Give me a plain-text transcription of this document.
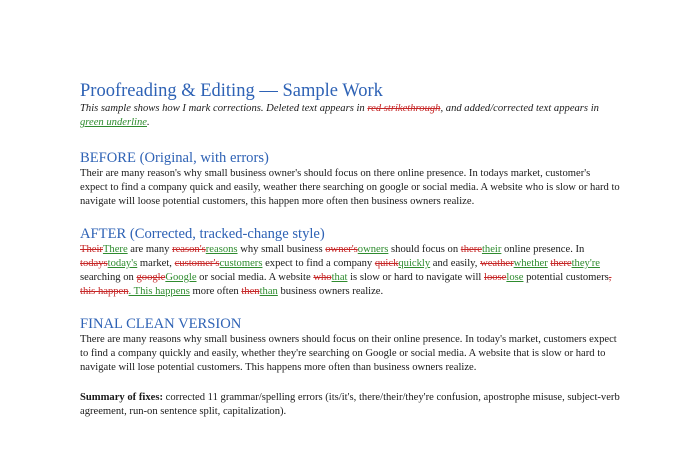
Proofreading & Editing — Sample Work

This sample shows how I mark corrections. Deleted text appears in red strikethrough, and added/corrected text appears in green underline.

BEFORE (Original, with errors)

Their are many reason's why small business owner's should focus on there online presence. In todays market, customer's expect to find a company quick and easily, weather there searching on google or social media. A website who is slow or hard to navigate will loose potential customers, this happen more often then business owners realize.

AFTER (Corrected, tracked-change style)

TheirThere are many reason'sreasons why small business owner'sowners should focus on theretheir online presence. In todaystoday's market, customer'scustomers expect to find a company quickquickly and easily, weatherwhether therethey're searching on googleGoogle or social media. A website whothat is slow or hard to navigate will looselose potential customers, this happen. This happens more often thenthan business owners realize.

FINAL CLEAN VERSION

There are many reasons why small business owners should focus on their online presence. In today's market, customers expect to find a company quickly and easily, whether they're searching on Google or social media. A website that is slow or hard to navigate will lose potential customers. This happens more often than business owners realize.

Summary of fixes: corrected 11 grammar/spelling errors (its/it's, there/their/they're confusion, apostrophe misuse, subject-verb agreement, run-on sentence split, capitalization).
